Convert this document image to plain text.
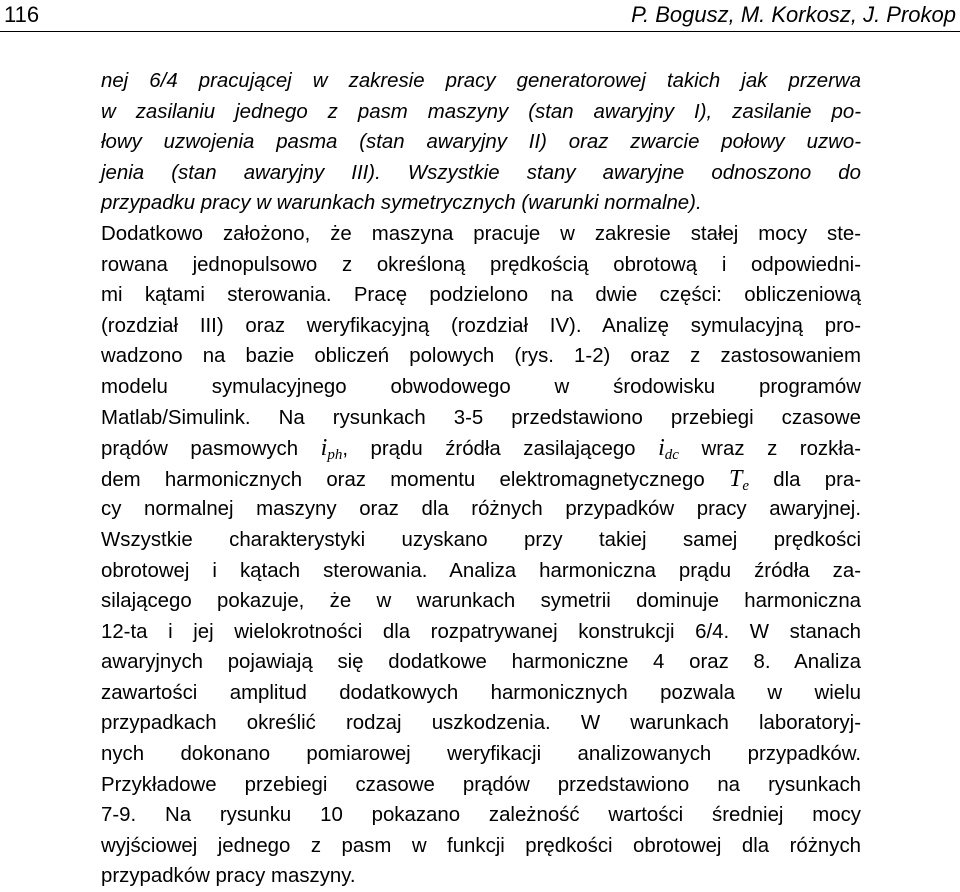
116	P. Bogusz, M. Korkosz, J. Prokop
nej 6/4 pracującej w zakresie pracy generatorowej takich jak przerwa
w zasilaniu jednego z pasm maszyny (stan awaryjny I), zasilanie po-
łowy uzwojenia pasma (stan awaryjny II) oraz zwarcie połowy uzwo-
jenia (stan awaryjny III). Wszystkie stany awaryjne odnoszono do
przypadku pracy w warunkach symetrycznych (warunki normalne).
Dodatkowo założono, że maszyna pracuje w zakresie stałej mocy ste-
rowana jednopulsowo z określoną prędkością obrotową i odpowiedni-
mi kątami sterowania. Pracę podzielono na dwie części: obliczeniową
(rozdział III) oraz weryfikacyjną (rozdział IV). Analizę symulacyjną pro-
wadzono na bazie obliczeń polowych (rys. 1-2) oraz z zastosowaniem
modelu symulacyjnego obwodowego w środowisku programów
Matlab/Simulink. Na rysunkach 3-5 przedstawiono przebiegi czasowe
prądów pasmowych $i_{ph}$, prądu źródła zasilającego $i_{dc}$ wraz z rozkła-
dem harmonicznych oraz momentu elektromagnetycznego $T_e$ dla pra-
cy normalnej maszyny oraz dla różnych przypadków pracy awaryjnej.
Wszystkie charakterystyki uzyskano przy takiej samej prędkości
obrotowej i kątach sterowania. Analiza harmoniczna prądu źródła za-
silającego pokazuje, że w warunkach symetrii dominuje harmoniczna
12-ta i jej wielokrotności dla rozpatrywanej konstrukcji 6/4. W stanach
awaryjnych pojawiają się dodatkowe harmoniczne 4 oraz 8. Analiza
zawartości amplitud dodatkowych harmonicznych pozwala w wielu
przypadkach określić rodzaj uszkodzenia. W warunkach laboratoryj-
nych dokonano pomiarowej weryfikacji analizowanych przypadków.
Przykładowe przebiegi czasowe prądów przedstawiono na rysunkach
7-9. Na rysunku 10 pokazano zależność wartości średniej mocy
wyjściowej jednego z pasm w funkcji prędkości obrotowej dla różnych
przypadków pracy maszyny.
